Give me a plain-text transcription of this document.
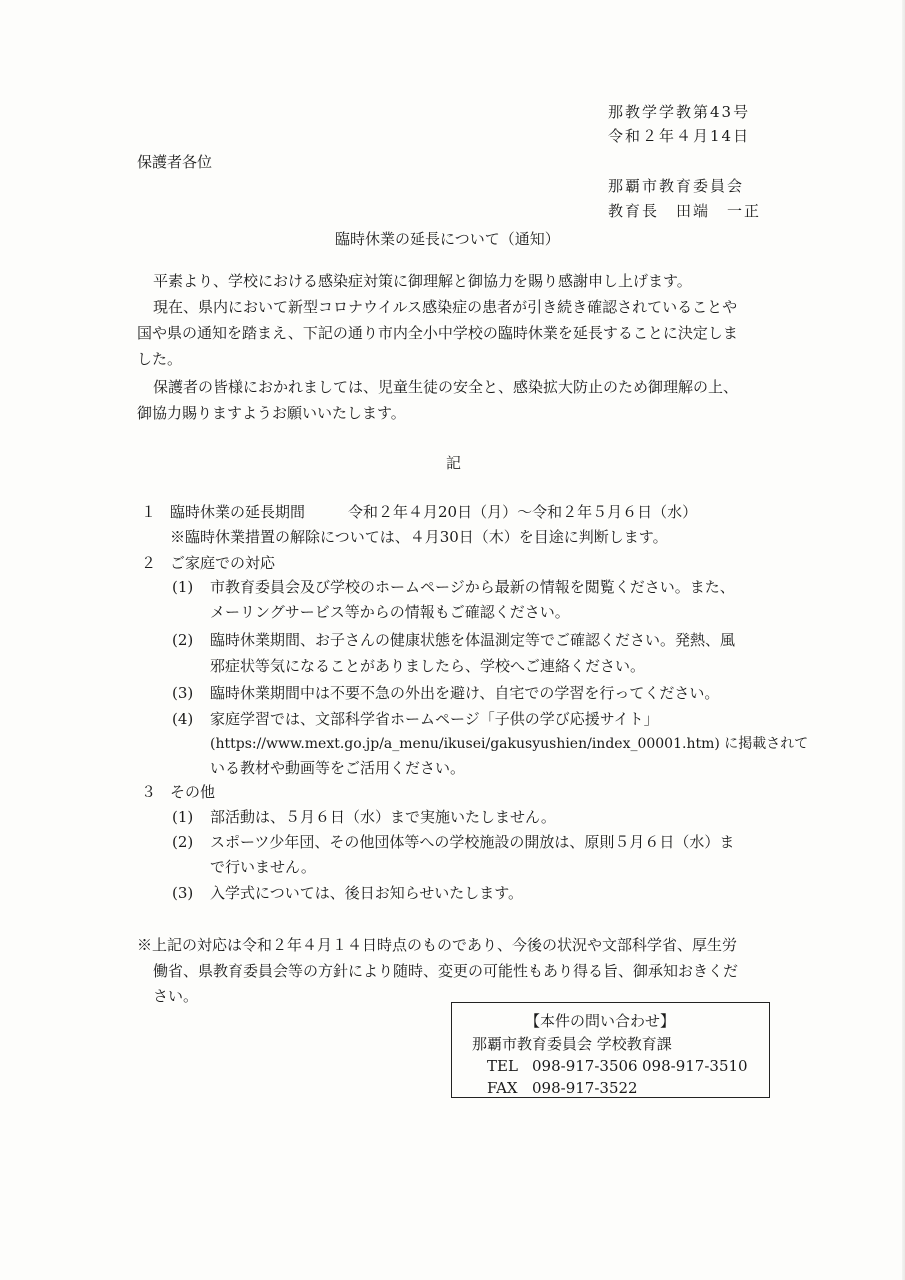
那教学学教第43号
令和２年４月14日
保護者各位
那覇市教育委員会
教育長　田端　一正
臨時休業の延長について（通知）
平素より、学校における感染症対策に御理解と御協力を賜り感謝申し上げます。
現在、県内において新型コロナウイルス感染症の患者が引き続き確認されていることや
国や県の通知を踏まえ、下記の通り市内全小中学校の臨時休業を延長することに決定しま
した。
保護者の皆様におかれましては、児童生徒の安全と、感染拡大防止のため御理解の上、
御協力賜りますようお願いいたします。
記
１ 臨時休業の延長期間	令和２年４月20日（月）～令和２年５月６日（水）
※臨時休業措置の解除については、４月30日（木）を目途に判断します。
２ ご家庭での対応
(1) 市教育委員会及び学校のホームページから最新の情報を閲覧ください。また、
メーリングサービス等からの情報もご確認ください。
(2) 臨時休業期間、お子さんの健康状態を体温測定等でご確認ください。発熱、風
邪症状等気になることがありましたら、学校へご連絡ください。
(3) 臨時休業期間中は不要不急の外出を避け、自宅での学習を行ってください。
(4) 家庭学習では、文部科学省ホームページ「子供の学び応援サイト」
(https://www.mext.go.jp/a_menu/ikusei/gakusyushien/index_00001.htm) に掲載されて
いる教材や動画等をご活用ください。
３ その他
(1) 部活動は、５月６日（水）まで実施いたしません。
(2) スポーツ少年団、その他団体等への学校施設の開放は、原則５月６日（水）ま
で行いません。
(3) 入学式については、後日お知らせいたします。
※上記の対応は令和２年４月１４日時点のものであり、今後の状況や文部科学省、厚生労
働省、県教育委員会等の方針により随時、変更の可能性もあり得る旨、御承知おきくだ
さい。
【本件の問い合わせ】
那覇市教育委員会 学校教育課
TEL 098-917-3506 098-917-3510
FAX 098-917-3522
